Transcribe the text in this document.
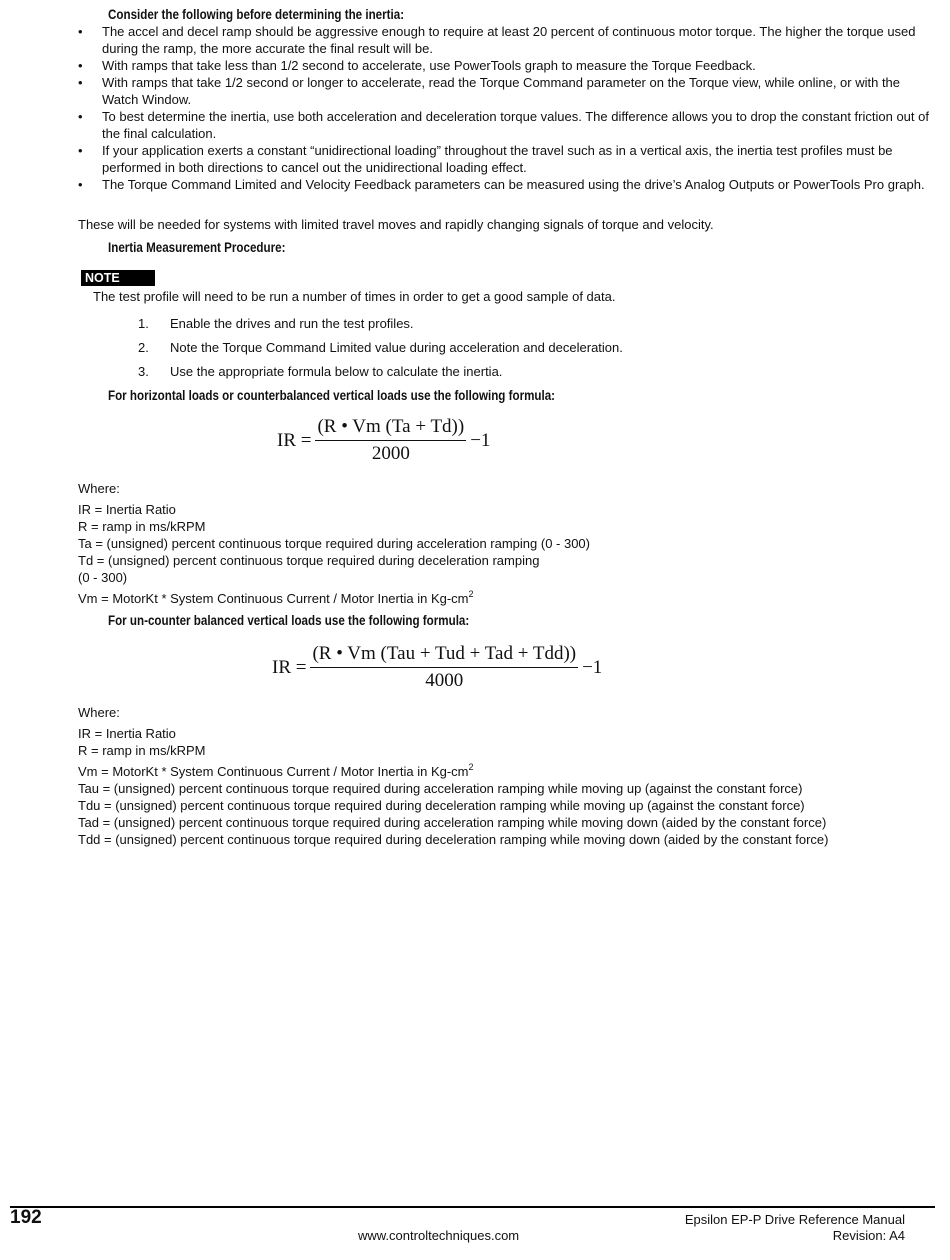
Consider the following before determining the inertia:
• The accel and decel ramp should be aggressive enough to require at least 20 percent of continuous motor torque. The higher the torque used during the ramp, the more accurate the final result will be.
• With ramps that take less than 1/2 second to accelerate, use PowerTools graph to measure the Torque Feedback.
• With ramps that take 1/2 second or longer to accelerate, read the Torque Command parameter on the Torque view, while online, or with the Watch Window.
• To best determine the inertia, use both acceleration and deceleration torque values. The difference allows you to drop the constant friction out of the final calculation.
• If your application exerts a constant “unidirectional loading” throughout the travel such as in a vertical axis, the inertia test profiles must be performed in both directions to cancel out the unidirectional loading effect.
• The Torque Command Limited and Velocity Feedback parameters can be measured using the drive’s Analog Outputs or PowerTools Pro graph.
These will be needed for systems with limited travel moves and rapidly changing signals of torque and velocity.
Inertia Measurement Procedure:
NOTE
The test profile will need to be run a number of times in order to get a good sample of data.
1. Enable the drives and run the test profiles.
2. Note the Torque Command Limited value during acceleration and deceleration.
3. Use the appropriate formula below to calculate the inertia.
For horizontal loads or counterbalanced vertical loads use the following formula:
IR = $\frac{(R • Vm (Ta + Td))}{2000} -1$
Where:
IR = Inertia Ratio
R = ramp in ms/kRPM
Ta = (unsigned) percent continuous torque required during acceleration ramping (0 - 300)
Td = (unsigned) percent continuous torque required during deceleration ramping
(0 - 300)
Vm = MotorKt * System Continuous Current / Motor Inertia in $Kg-cm^2$
For un-counter balanced vertical loads use the following formula:
IR = $\frac{\text{(R • Vm (Tau + Tud + Tad + Tdd))}}{4000} -1$
Where:
IR = Inertia Ratio
R = ramp in ms/kRPM
Vm = MotorKt * System Continuous Current / Motor Inertia in $Kg-cm^2$
Tau = (unsigned) percent continuous torque required during acceleration ramping while moving up (against the constant force)
Tdu = (unsigned) percent continuous torque required during deceleration ramping while moving up (against the constant force)
Tad = (unsigned) percent continuous torque required during acceleration ramping while moving down (aided by the constant force)
Tdd = (unsigned) percent continuous torque required during deceleration ramping while moving down (aided by the constant force)
192	Epsilon EP-P Drive Reference Manual
www.controltechniques.com	Revision: A4
